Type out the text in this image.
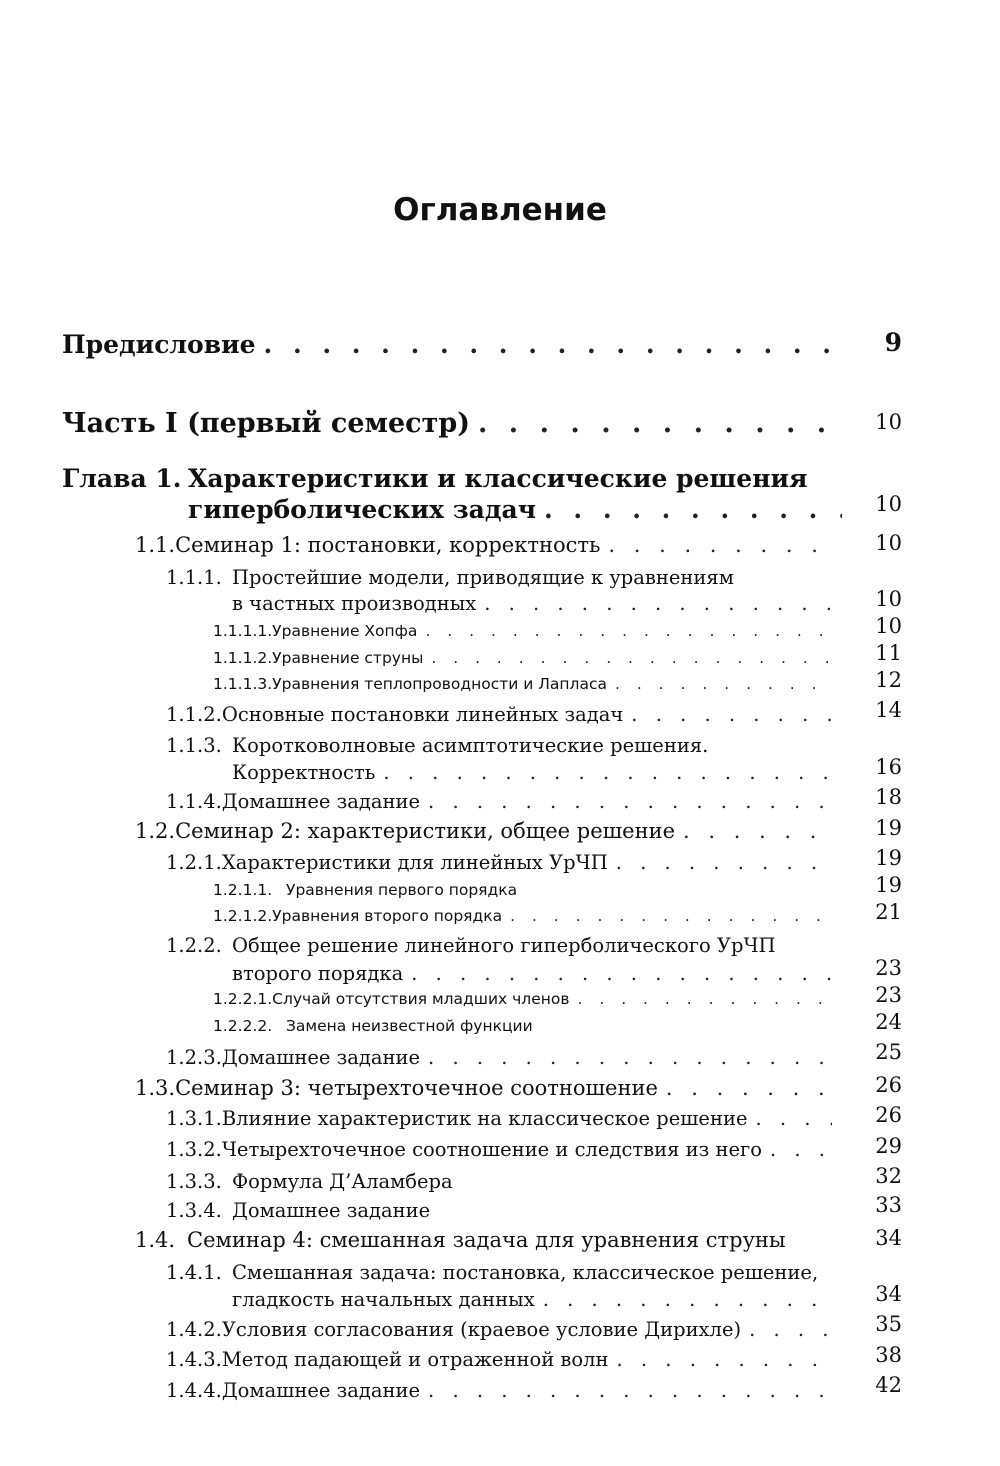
Оглавление
Предисловие . . .	9
Часть I (первый семестр) . . .	10
Глава 1. Характеристики и классические решения
гиперболических задач . . .	10
1.1. Семинар 1: постановки, корректность . . .	10
1.1.1. Простейшие модели, приводящие к уравнениям
в частных производных . . .	10
1.1.1.1. Уравнение Хопфа . . .	10
1.1.1.2. Уравнение струны . . .	11
1.1.1.3. Уравнения теплопроводности и Лапласа . . .	12
1.1.2. Основные постановки линейных задач . . .	14
1.1.3. Коротковолновые асимптотические решения.
Корректность . . .	16
1.1.4. Домашнее задание . . .	18
1.2. Семинар 2: характеристики, общее решение . . .	19
1.2.1. Характеристики для линейных УрЧП . . .	19
1.2.1.1. Уравнения первого порядка	19
1.2.1.2. Уравнения второго порядка . . .	21
1.2.2. Общее решение линейного гиперболического УрЧП
второго порядка . . .	23
1.2.2.1. Случай отсутствия младших членов . . .	23
1.2.2.2. Замена неизвестной функции	24
1.2.3. Домашнее задание . . .	25
1.3. Семинар 3: четырехточечное соотношение . . .	26
1.3.1. Влияние характеристик на классическое решение . . .	26
1.3.2. Четырехточечное соотношение и следствия из него . . .	29
1.3.3. Формула Д’Аламбера	32
1.3.4. Домашнее задание	33
1.4. Семинар 4: смешанная задача для уравнения струны	34
1.4.1. Смешанная задача: постановка, классическое решение,
гладкость начальных данных . . .	34
1.4.2. Условия согласования (краевое условие Дирихле) . . .	35
1.4.3. Метод падающей и отраженной волн . . .	38
1.4.4. Домашнее задание . . .	42
